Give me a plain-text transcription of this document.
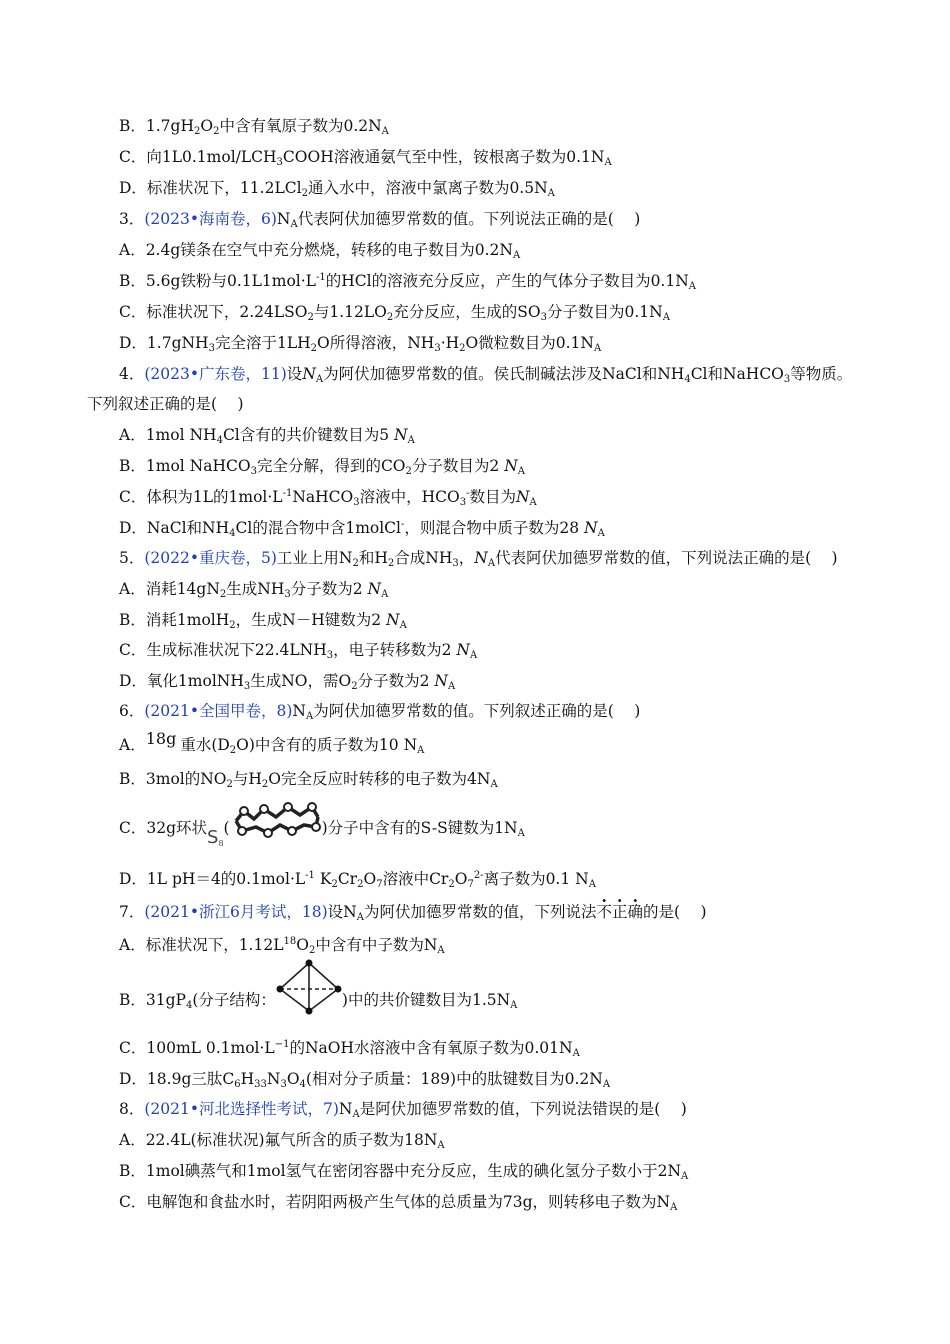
B．$1.7gH_2O_2$中含有氧原子数为$0.2N_A$
C．向$1L0.1mol/LCH_3COOH$溶液通氨气至中性，铵根离子数为$0.1N_A$
D．标准状况下，11.2LCl$_2$通入水中，溶液中氯离子数为$0.5N_A$
3．(2023•海南卷，$6)N_A$代表阿伏加德罗常数的值。下列说法正确的是(　 )
A．2.4g镁条在空气中充分燃烧，转移的电子数目为$0.2N_A$
B．5.6g铁粉与$0.1L1mol\cdot L^{-1}$的HCl的溶液充分反应，产生的气体分子数目为$0.1N_A$
C．标准状况下，$2.24LSO_2$与$1.12LO_2$充分反应，生成的$SO_3$分子数目为$0.1N_A$
D．1.7gNH$_3$完全溶于$1LH_2O$所得溶液，$NH_3\cdot H_2O$微粒数目为$0.1N_A$
4．(2023•广东卷，11)设$N_A$为阿伏加德罗常数的值。侯氏制碱法涉及NaCl和$NH_4Cl$和NaHCO$_3$等物质。
下列叙述正确的是(　 )
A．1mol $NH_4Cl$含有的共价键数目为5 $N_A$
B．1mol NaHCO$_3$完全分解，得到的$CO_2$分子数目为2 $N_A$
C．体积为1L的$1mol\cdot L^{-1}NaHCO_3$溶液中，$HCO_3^-$数目为$N_A$
D．NaCl和$NH_4Cl$的混合物中含1molCl-，则混合物中质子数为28 $N_A$
5．(2022•重庆卷，5)工业上用$N_2$和$H_2$合成$NH_3$，$N_A$代表阿伏加德罗常数的值，下列说法正确的是(　 )
A．消耗$14gN_2$生成$NH_3$分子数为2 $N_A$
B．消耗1molH$_2$，生成N－H键数为2 $N_A$
C．生成标准状况下$22.4LNH_3$，电子转移数为2 $N_A$
D．氧化1molNH$_3$生成NO，需$O_2$分子数为2 $N_A$
6．(2021•全国甲卷，$8)N_A$为阿伏加德罗常数的值。下列叙述正确的是(　 )
A．18g 重水$(D_2O)$中含有的质子数为10 $N_A$
B．3mol的$NO_2$与$H_2O$完全反应时转移的电子数为$4N_A$
C．32g环状$S_8$(	)分子中含有的S-S键数为$1N_A$
D．1L pH＝4的$0.1mol\cdot L^{-1}$ $K_2Cr_2O_7$溶液中$Cr_2O_7^{2-}$离子数为0.1 $N_A$
7．(2021•浙江6月考试，18)设$N_A$为阿伏加德罗常数的值，下列说法不正确的是(　 )
A．标准状况下，$1.12L^{18}O_2$中含有中子数为$N_A$
B．$31gP_4$(分子结构：	)中的共价键数目为$1.5N_A$
C．100mL $0.1mol\cdot L^{-1}$的NaOH水溶液中含有氧原子数为$0.01N_A$
D．18.9g三肽$C_6H_{33}N_3O_4$(相对分子质量：189)中的肽键数目为$0.2N_A$
8．(2021•河北选择性考试，$7)N_A$是阿伏加德罗常数的值，下列说法错误的是(　 )
A．22.4L(标准状况)氟气所含的质子数为$18N_A$
B．1mol碘蒸气和1mol氢气在密闭容器中充分反应，生成的碘化氢分子数小于$2N_A$
C．电解饱和食盐水时，若阴阳两极产生气体的总质量为73g，则转移电子数为$N_A$
